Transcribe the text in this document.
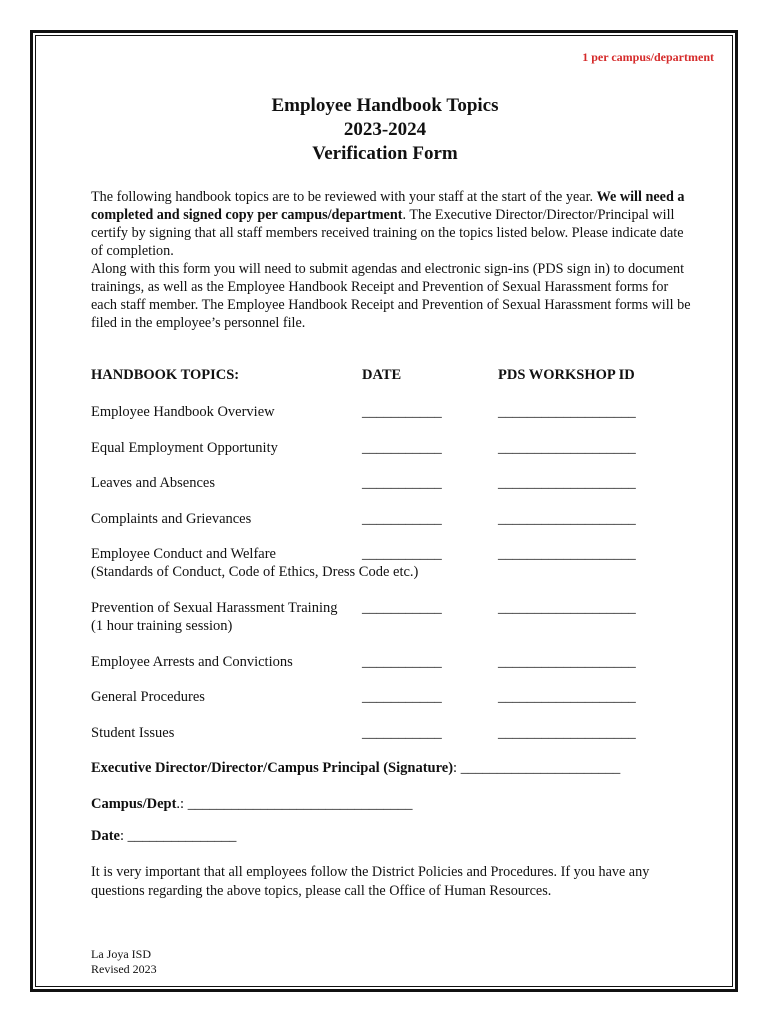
1 per campus/department
Employee Handbook Topics
2023-2024
Verification Form

The following handbook topics are to be reviewed with your staff at the start of the year. We will need a completed and signed copy per campus/department. The Executive Director/Director/Principal will certify by signing that all staff members received training on the topics listed below. Please indicate date of completion.

Along with this form you will need to submit agendas and electronic sign-ins (PDS sign in) to document trainings, as well as the Employee Handbook Receipt and Prevention of Sexual Harassment forms for each staff member. The Employee Handbook Receipt and Prevention of Sexual Harassment forms will be filed in the employee’s personnel file.

HANDBOOK TOPICS:	DATE	PDS WORKSHOP ID
Employee Handbook Overview	___________	___________________
Equal Employment Opportunity	___________	___________________
Leaves and Absences	___________	___________________
Complaints and Grievances	___________	___________________
Employee Conduct and Welfare
(Standards of Conduct, Code of Ethics, Dress Code etc.)
___________	___________________
Prevention of Sexual Harassment Training
(1 hour training session)
___________	___________________
Employee Arrests and Convictions	___________	___________________
General Procedures	___________	___________________
Student Issues	___________	___________________
Executive Director/Director/Campus Principal (Signature): ______________________
Campus/Dept.: _______________________________
Date: _______________
It is very important that all employees follow the District Policies and Procedures. If you have any questions regarding the above topics, please call the Office of Human Resources.
La Joya ISD
Revised 2023
